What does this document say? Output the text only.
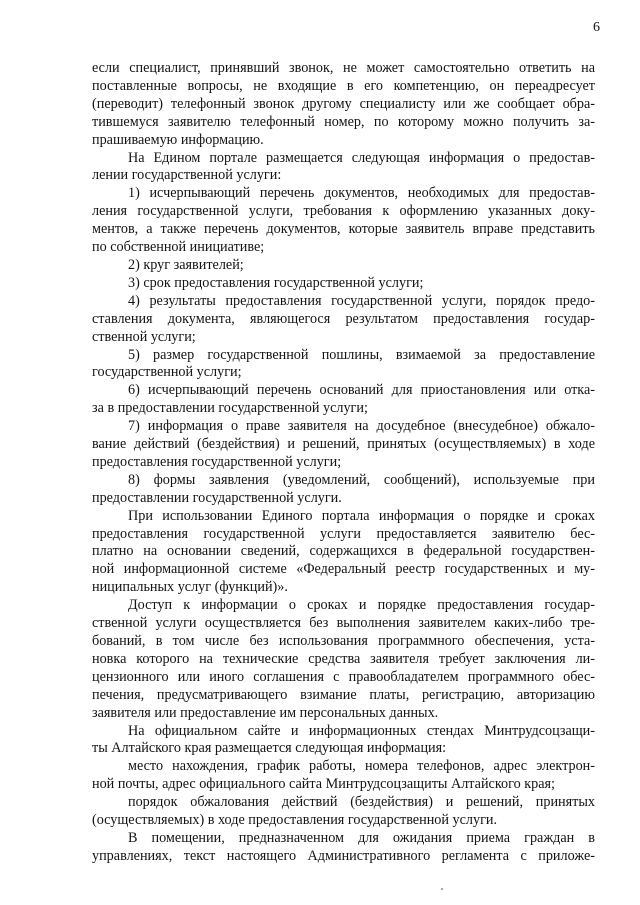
6
если специалист, принявший звонок, не может самостоятельно ответить на
поставленные вопросы, не входящие в его компетенцию, он переадресует
(переводит) телефонный звонок другому специалисту или же сообщает обра-
тившемуся заявителю телефонный номер, по которому можно получить за-
прашиваемую информацию.
На Едином портале размещается следующая информация о предостав-
лении государственной услуги:
1) исчерпывающий перечень документов, необходимых для предостав-
ления государственной услуги, требования к оформлению указанных доку-
ментов, а также перечень документов, которые заявитель вправе представить
по собственной инициативе;
2) круг заявителей;
3) срок предоставления государственной услуги;
4) результаты предоставления государственной услуги, порядок предо-
ставления документа, являющегося результатом предоставления государ-
ственной услуги;
5) размер государственной пошлины, взимаемой за предоставление
государственной услуги;
6) исчерпывающий перечень оснований для приостановления или отка-
за в предоставлении государственной услуги;
7) информация о праве заявителя на досудебное (внесудебное) обжало-
вание действий (бездействия) и решений, принятых (осуществляемых) в ходе
предоставления государственной услуги;
8) формы заявления (уведомлений, сообщений), используемые при
предоставлении государственной услуги.
При использовании Единого портала информация о порядке и сроках
предоставления государственной услуги предоставляется заявителю бес-
платно на основании сведений, содержащихся в федеральной государствен-
ной информационной системе «Федеральный реестр государственных и му-
ниципальных услуг (функций)».
Доступ к информации о сроках и порядке предоставления государ-
ственной услуги осуществляется без выполнения заявителем каких-либо тре-
бований, в том числе без использования программного обеспечения, уста-
новка которого на технические средства заявителя требует заключения ли-
цензионного или иного соглашения с правообладателем программного обес-
печения, предусматривающего взимание платы, регистрацию, авторизацию
заявителя или предоставление им персональных данных.
На официальном сайте и информационных стендах Минтрудсоцзащи-
ты Алтайского края размещается следующая информация:
место нахождения, график работы, номера телефонов, адрес электрон-
ной почты, адрес официального сайта Минтрудсоцзащиты Алтайского края;
порядок обжалования действий (бездействия) и решений, принятых
(осуществляемых) в ходе предоставления государственной услуги.
В помещении, предназначенном для ожидания приема граждан в
управлениях, текст настоящего Административного регламента с приложе-
